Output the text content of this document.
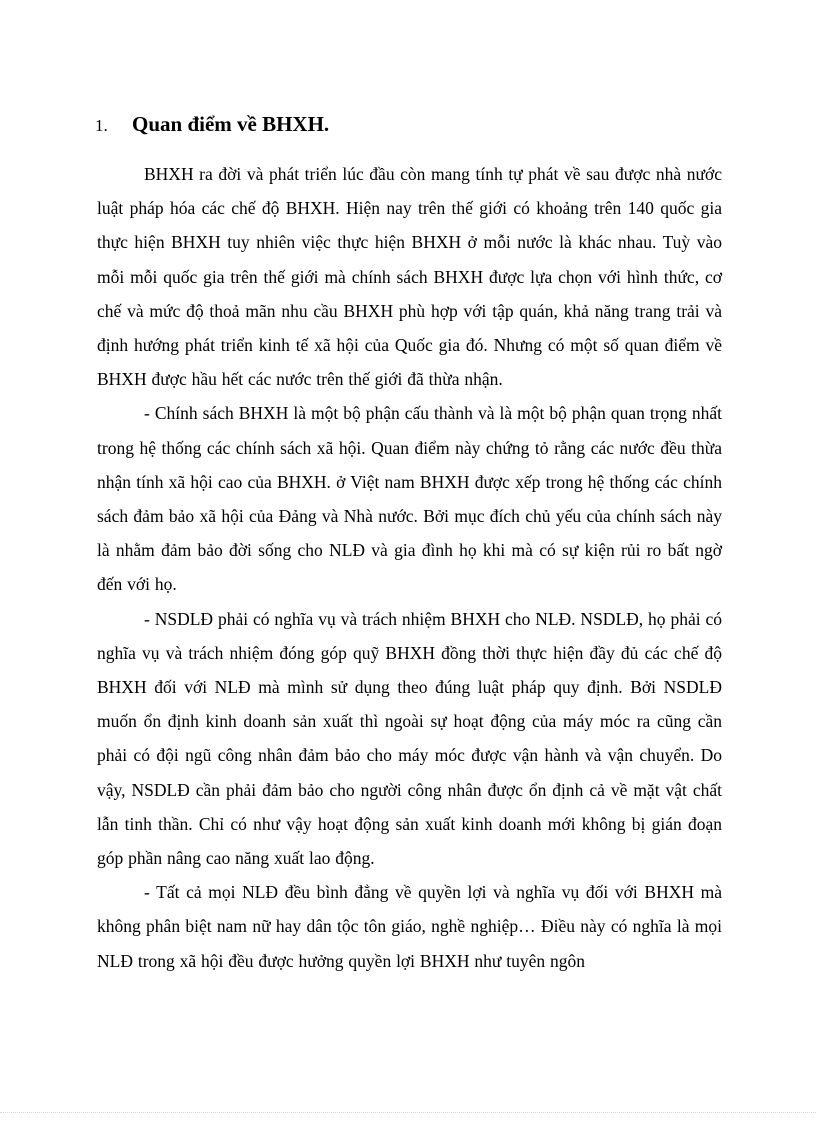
1.	Quan điểm về BHXH.

BHXH ra đời và phát triển lúc đầu còn mang tính tự phát về sau được nhà nước luật pháp hóa các chế độ BHXH. Hiện nay trên thế giới có khoảng trên 140 quốc gia thực hiện BHXH tuy nhiên việc thực hiện BHXH ở mỗi nước là khác nhau. Tuỳ vào mỗi mỗi quốc gia trên thế giới mà chính sách BHXH được lựa chọn với hình thức, cơ chế và mức độ thoả mãn nhu cầu BHXH phù hợp với tập quán, khả năng trang trải và định hướng phát triển kinh tế xã hội của Quốc gia đó. Nhưng có một số quan điểm về BHXH được hầu hết các nước trên thế giới đã thừa nhận.

- Chính sách BHXH là một bộ phận cấu thành và là một bộ phận quan trọng nhất trong hệ thống các chính sách xã hội. Quan điểm này chứng tỏ rằng các nước đều thừa nhận tính xã hội cao của BHXH. ở Việt nam BHXH được xếp trong hệ thống các chính sách đảm bảo xã hội của Đảng và Nhà nước. Bởi mục đích chủ yếu của chính sách này là nhằm đảm bảo đời sống cho NLĐ và gia đình họ khi mà có sự kiện rủi ro bất ngờ đến với họ.

- NSDLĐ phải có nghĩa vụ và trách nhiệm BHXH cho NLĐ. NSDLĐ, họ phải có nghĩa vụ và trách nhiệm đóng góp quỹ BHXH đồng thời thực hiện đầy đủ các chế độ BHXH đối với NLĐ mà mình sử dụng theo đúng luật pháp quy định. Bởi NSDLĐ muốn ổn định kinh doanh sản xuất thì ngoài sự hoạt động của máy móc ra cũng cần phải có đội ngũ công nhân đảm bảo cho máy móc được vận hành và vận chuyển. Do vậy, NSDLĐ cần phải đảm bảo cho người công nhân được ổn định cả về mặt vật chất lẫn tinh thần. Chỉ có như vậy hoạt động sản xuất kinh doanh mới không bị gián đoạn góp phần nâng cao năng xuất lao động.

- Tất cả mọi NLĐ đều bình đẳng về quyền lợi và nghĩa vụ đối với BHXH mà không phân biệt nam nữ hay dân tộc tôn giáo, nghề nghiệp… Điều này có nghĩa là mọi NLĐ trong xã hội đều được hưởng quyền lợi BHXH như tuyên ngôn
